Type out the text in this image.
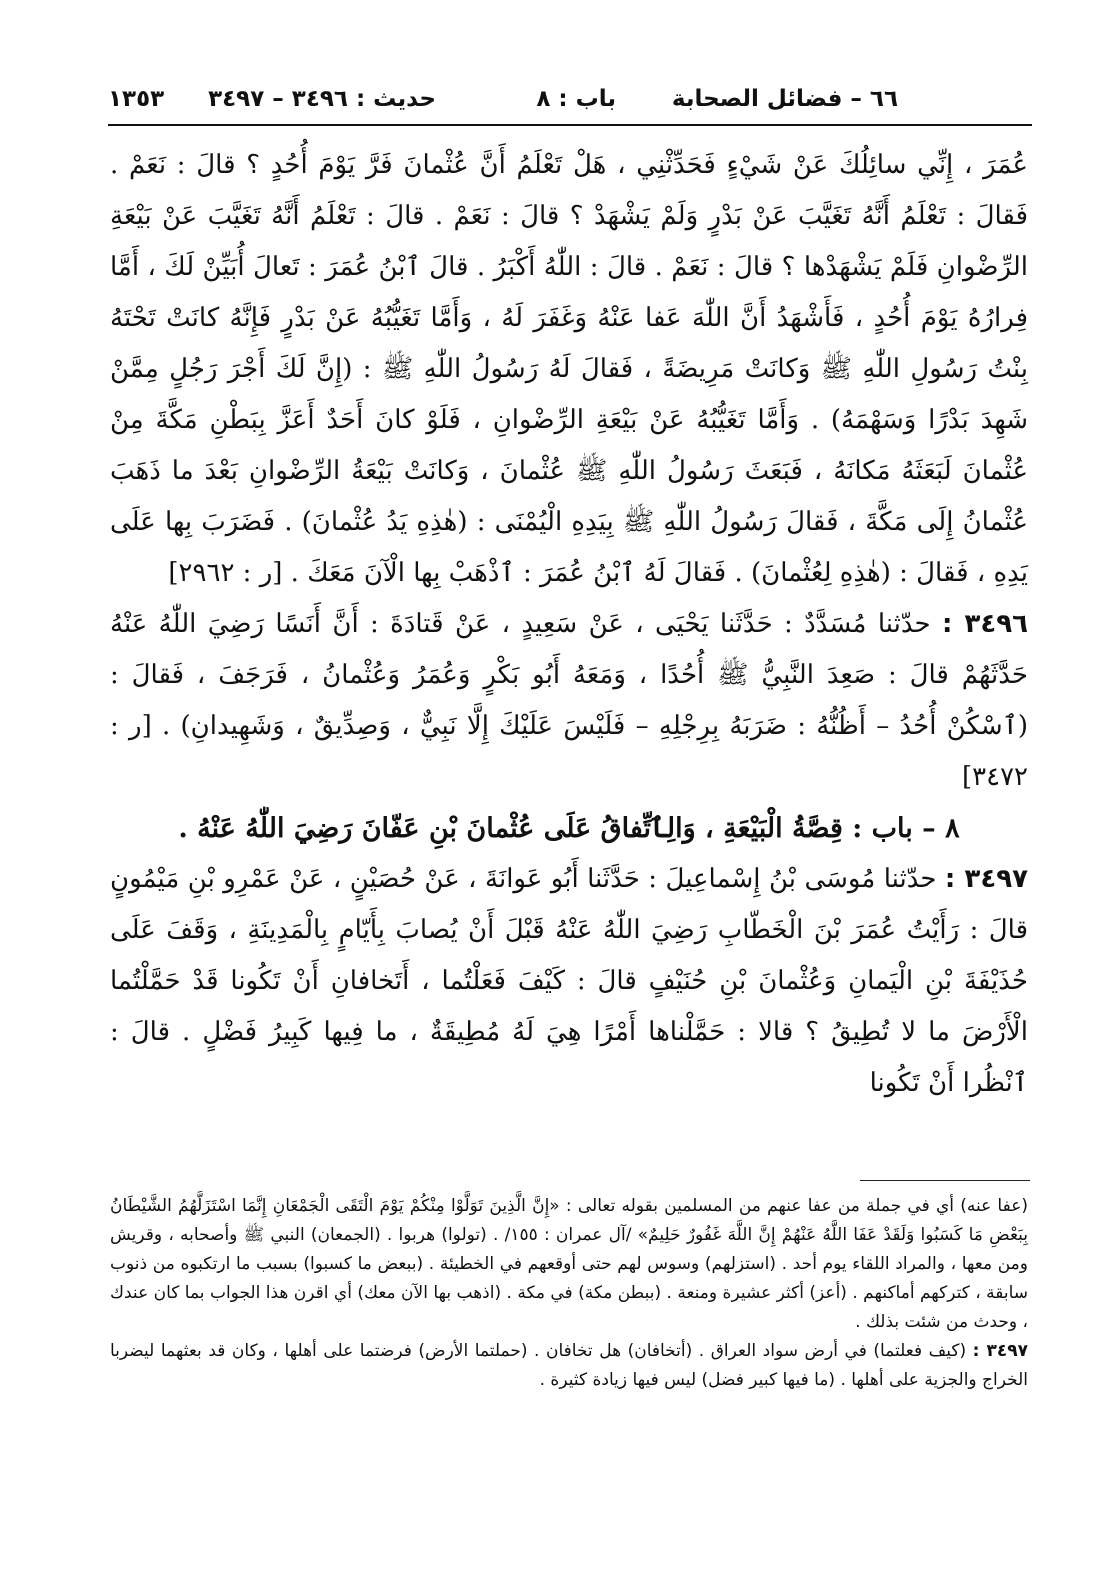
٦٦ – فضائل الصحابة
باب : ٨
حديث : ٣٤٩٦ – ٣٤٩٧
١٣٥٣

عُمَرَ ، إِنِّي سائِلُكَ عَنْ شَيْءٍ فَحَدِّثْنِي ، هَلْ تَعْلَمُ أَنَّ عُثْمانَ فَرَّ يَوْمَ أُحُدٍ ؟ قالَ : نَعَمْ . فَقالَ : تَعْلَمُ أَنَّهُ تَغَيَّبَ عَنْ بَدْرٍ وَلَمْ يَشْهَدْ ؟ قالَ : نَعَمْ . قالَ : تَعْلَمُ أَنَّهُ تَغَيَّبَ عَنْ بَيْعَةِ الرِّضْوانِ فَلَمْ يَشْهَدْها ؟ قالَ : نَعَمْ . قالَ : اللّٰهُ أَكْبَرُ . قالَ ٱبْنُ عُمَرَ : تَعالَ أُبَيِّنْ لَكَ ، أَمَّا فِرارُهُ يَوْمَ أُحُدٍ ، فَأَشْهَدُ أَنَّ اللّٰهَ عَفا عَنْهُ وَغَفَرَ لَهُ ، وَأَمَّا تَغَيُّبُهُ عَنْ بَدْرٍ فَإِنَّهُ كانَتْ تَحْتَهُ بِنْتُ رَسُولِ اللّٰهِ ﷺ وَكانَتْ مَرِيضَةً ، فَقالَ لَهُ رَسُولُ اللّٰهِ ﷺ : (إِنَّ لَكَ أَجْرَ رَجُلٍ مِمَّنْ شَهِدَ بَدْرًا وَسَهْمَهُ) . وَأَمَّا تَغَيُّبُهُ عَنْ بَيْعَةِ الرِّضْوانِ ، فَلَوْ كانَ أَحَدٌ أَعَزَّ بِبَطْنِ مَكَّةَ مِنْ عُثْمانَ لَبَعَثَهُ مَكانَهُ ، فَبَعَثَ رَسُولُ اللّٰهِ ﷺ عُثْمانَ ، وَكانَتْ بَيْعَةُ الرِّضْوانِ بَعْدَ ما ذَهَبَ عُثْمانُ إِلَى مَكَّةَ ، فَقالَ رَسُولُ اللّٰهِ ﷺ بِيَدِهِ الْيُمْنَى : (هٰذِهِ يَدُ عُثْمانَ) . فَضَرَبَ بِها عَلَى يَدِهِ ، فَقالَ : (هٰذِهِ لِعُثْمانَ) . فَقالَ لَهُ ٱبْنُ عُمَرَ : ٱذْهَبْ بِها الْآنَ مَعَكَ . [ر : ٢٩٦٢]

٣٤٩٦ : حدّثنا مُسَدَّدٌ : حَدَّثَنا يَحْيَى ، عَنْ سَعِيدٍ ، عَنْ قَتادَةَ : أَنَّ أَنَسًا رَضِيَ اللّٰهُ عَنْهُ حَدَّثَهُمْ قالَ : صَعِدَ النَّبِيُّ ﷺ أُحُدًا ، وَمَعَهُ أَبُو بَكْرٍ وَعُمَرُ وَعُثْمانُ ، فَرَجَفَ ، فَقالَ : (ٱسْكُنْ أُحُدُ – أَظُنُّهُ : ضَرَبَهُ بِرِجْلِهِ – فَلَيْسَ عَلَيْكَ إِلَّا نَبِيٌّ ، وَصِدِّيقٌ ، وَشَهِيدانِ) . [ر : ٣٤٧٢]

٨ – باب : قِصَّةُ الْبَيْعَةِ ، وَالِٱتِّفاقُ عَلَى عُثْمانَ بْنِ عَفّانَ رَضِيَ اللّٰهُ عَنْهُ .

٣٤٩٧ : حدّثنا مُوسَى بْنُ إِسْماعِيلَ : حَدَّثَنا أَبُو عَوانَةَ ، عَنْ حُصَيْنٍ ، عَنْ عَمْرِو بْنِ مَيْمُونٍ قالَ : رَأَيْتُ عُمَرَ بْنَ الْخَطّابِ رَضِيَ اللّٰهُ عَنْهُ قَبْلَ أَنْ يُصابَ بِأَيّامٍ بِالْمَدِينَةِ ، وَقَفَ عَلَى حُذَيْفَةَ بْنِ الْيَمانِ وَعُثْمانَ بْنِ حُنَيْفٍ قالَ : كَيْفَ فَعَلْتُما ، أَتَخافانِ أَنْ تَكُونا قَدْ حَمَّلْتُما الْأَرْضَ ما لا تُطِيقُ ؟ قالا : حَمَّلْناها أَمْرًا هِيَ لَهُ مُطِيقَةٌ ، ما فِيها كَبِيرُ فَضْلٍ . قالَ : ٱنْظُرا أَنْ تَكُونا

(عفا عنه) أي في جملة من عفا عنهم من المسلمين بقوله تعالى : «إِنَّ الَّذِينَ تَوَلَّوْا مِنْكُمْ يَوْمَ الْتَقَى الْجَمْعَانِ إِنَّمَا اسْتَزَلَّهُمُ الشَّيْطَانُ بِبَعْضِ مَا كَسَبُوا وَلَقَدْ عَفَا اللَّهُ عَنْهُمْ إِنَّ اللَّهَ غَفُورٌ حَلِيمٌ» /آل عمران : ١٥٥/ . (تولوا) هربوا . (الجمعان) النبي ﷺ وأصحابه ، وقريش ومن معها ، والمراد اللقاء يوم أحد . (استزلهم) وسوس لهم حتى أوقعهم في الخطيئة . (ببعض ما كسبوا) بسبب ما ارتكبوه من ذنوب سابقة ، كتركهم أماكنهم . (أعز) أكثر عشيرة ومنعة . (ببطن مكة) في مكة . (اذهب بها الآن معك) أي اقرن هذا الجواب بما كان عندك ، وحدث من شئت بذلك .

٣٤٩٧ : (كيف فعلتما) في أرض سواد العراق . (أتخافان) هل تخافان . (حملتما الأرض) فرضتما على أهلها ، وكان قد بعثهما ليضربا الخراج والجزية على أهلها . (ما فيها كبير فضل) ليس فيها زيادة كثيرة .
